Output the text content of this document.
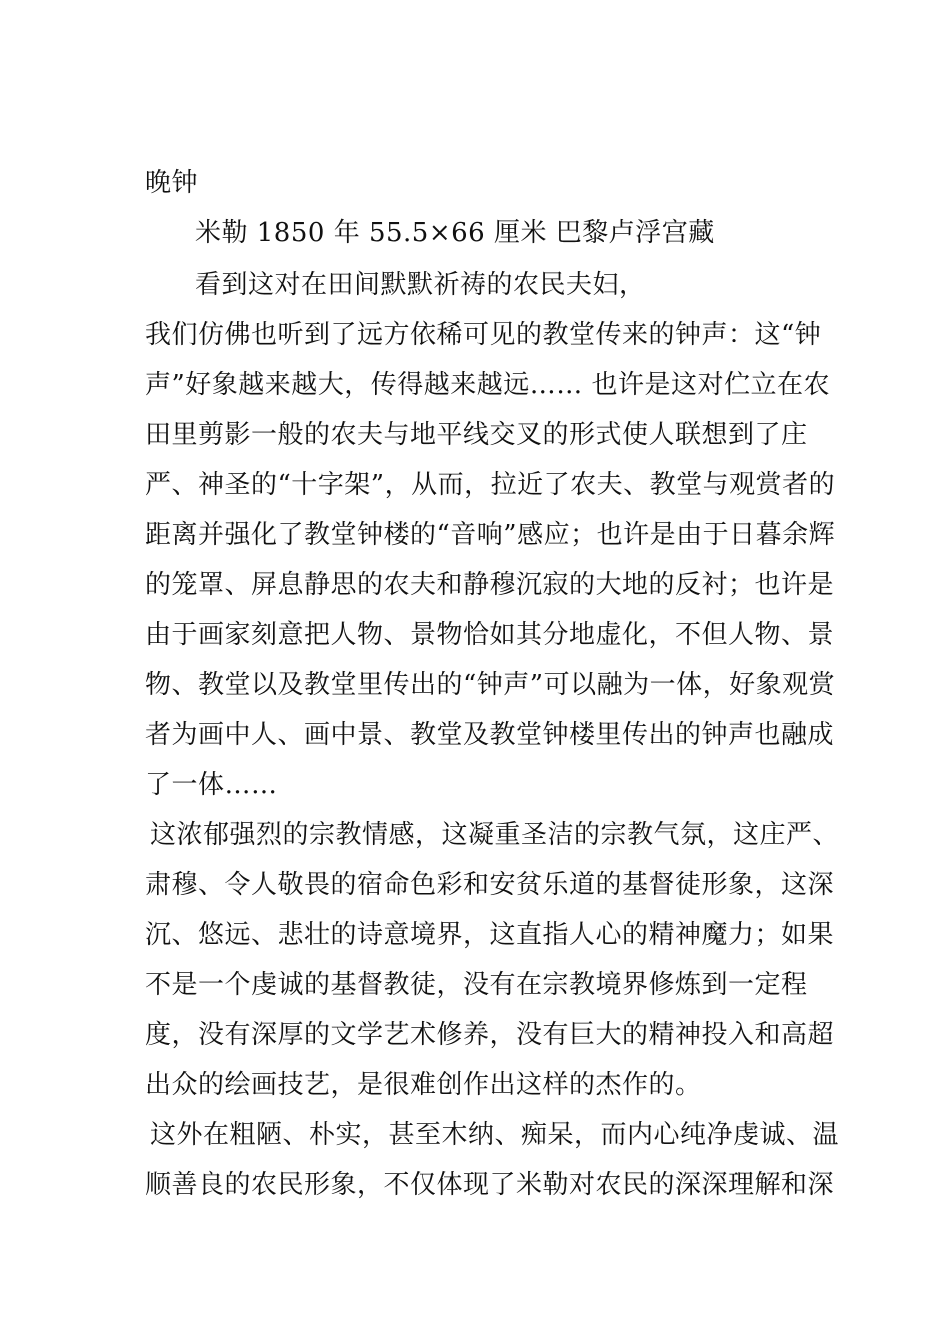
晚钟
米勒 1850 年 55.5×66 厘米 巴黎卢浮宫藏
看到这对在田间默默祈祷的农民夫妇，
我们仿佛也听到了远方依稀可见的教堂传来的钟声：这“钟
声”好象越来越大，传得越来越远…… 也许是这对伫立在农
田里剪影一般的农夫与地平线交叉的形式使人联想到了庄
严、神圣的“十字架”，从而，拉近了农夫、教堂与观赏者的
距离并强化了教堂钟楼的“音响”感应；也许是由于日暮余辉
的笼罩、屏息静思的农夫和静穆沉寂的大地的反衬；也许是
由于画家刻意把人物、景物恰如其分地虚化，不但人物、景
物、教堂以及教堂里传出的“钟声”可以融为一体，好象观赏
者为画中人、画中景、教堂及教堂钟楼里传出的钟声也融成
了一体……
这浓郁强烈的宗教情感，这凝重圣洁的宗教气氛，这庄严、
肃穆、令人敬畏的宿命色彩和安贫乐道的基督徒形象，这深
沉、悠远、悲壮的诗意境界，这直指人心的精神魔力；如果
不是一个虔诚的基督教徒，没有在宗教境界修炼到一定程
度，没有深厚的文学艺术修养，没有巨大的精神投入和高超
出众的绘画技艺，是很难创作出这样的杰作的。
这外在粗陋、朴实，甚至木纳、痴呆，而内心纯净虔诚、温
顺善良的农民形象，不仅体现了米勒对农民的深深理解和深
